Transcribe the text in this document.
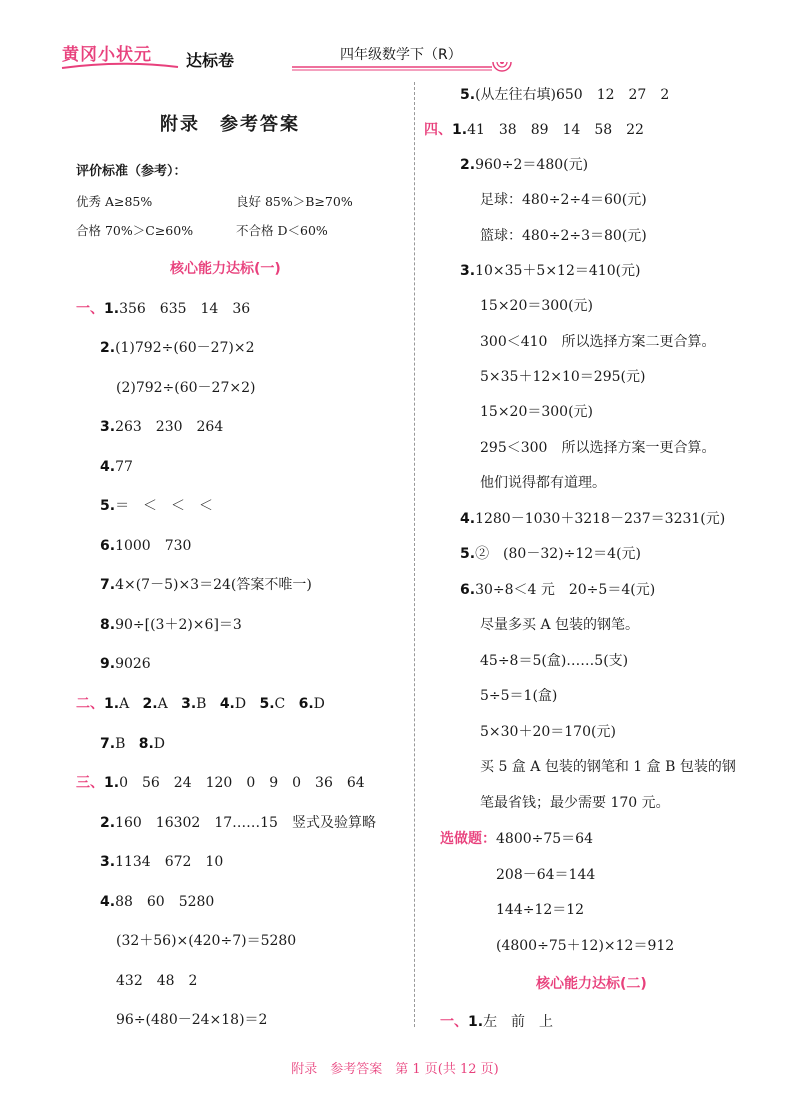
黄冈小状元 达标卷	四年级数学下（R）
附录　参考答案
评价标准（参考）：
优秀 A≥85%	良好 85%＞B≥70%
合格 70%＞C≥60%	不合格 D＜60%
核心能力达标(一)
一、1.356　635　14　36
2.(1)792÷(60－27)×2
(2)792÷(60－27×2)
3.263　230　264
4.77
5.＝　＜　＜　＜
6.1000　730
7.4×(7－5)×3＝24(答案不唯一)
8.90÷[(3＋2)×6]＝3
9.9026
二、1.A 2.A 3.B 4.D 5.C 6.D
7.B 8.D
三、1.0　56　24　120　0　9　0　36　64
2.160　16302　17……15　竖式及验算略
3.1134　672　10
4.88　60　5280
(32＋56)×(420÷7)＝5280
432　48　2
96÷(480－24×18)＝2
5.(从左往右填)650　12　27　2
四、1.41　38　89　14　58　22
2.960÷2＝480(元)
足球：480÷2÷4＝60(元)
篮球：480÷2÷3＝80(元)
3.10×35＋5×12＝410(元)
15×20＝300(元)
300＜410　所以选择方案二更合算。
5×35＋12×10＝295(元)
15×20＝300(元)
295＜300　所以选择方案一更合算。
他们说得都有道理。
4.1280－1030＋3218－237＝3231(元)
5.②　(80－32)÷12＝4(元)
6.30÷8＜4 元　20÷5＝4(元)
尽量多买 A 包装的钢笔。
45÷8＝5(盒)……5(支)
5÷5＝1(盒)
5×30＋20＝170(元)
买 5 盒 A 包装的钢笔和 1 盒 B 包装的钢
笔最省钱；最少需要 170 元。
选做题：4800÷75＝64
208－64＝144
144÷12＝12
(4800÷75＋12)×12＝912
核心能力达标(二)
一、1.左　前　上
附录　参考答案　第 1 页(共 12 页)
